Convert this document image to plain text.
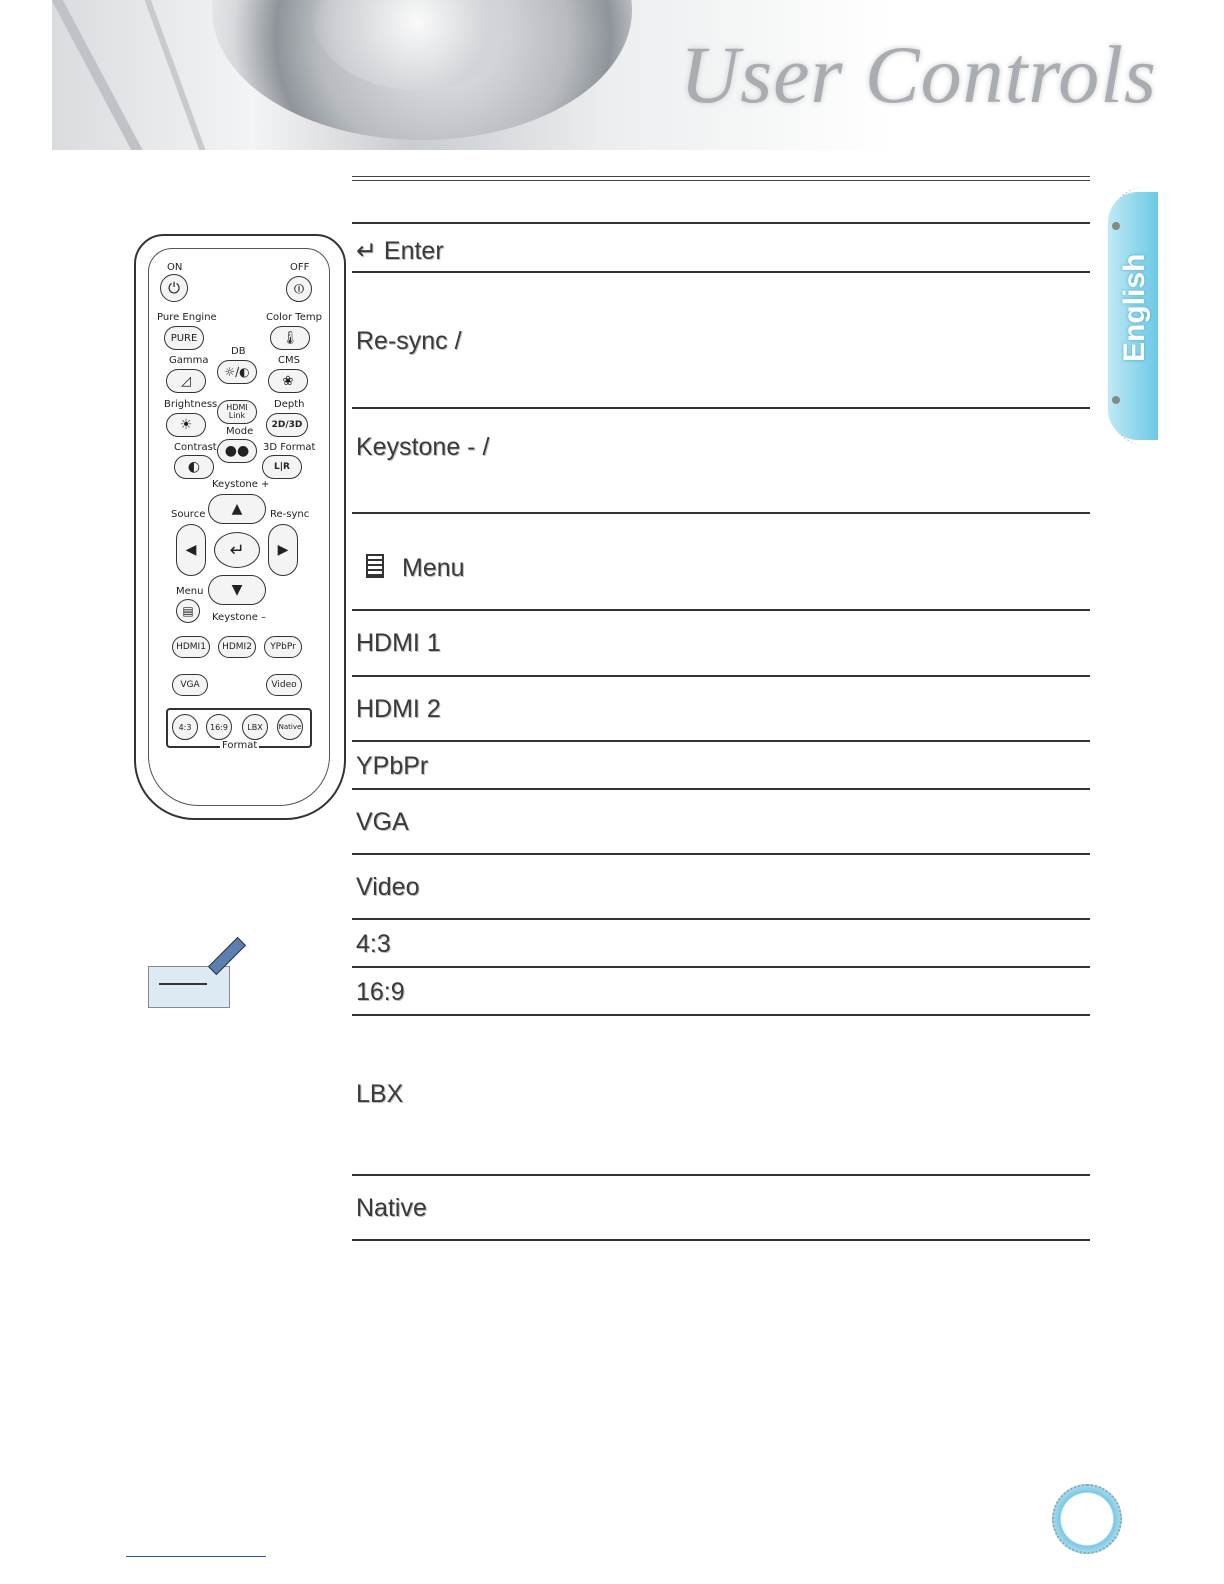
User Controls
English
ON	OFF
⏻	⏼
Pure Engine	Color Temp
PURE	🌡
DB
Gamma	CMS
☼/◐
◿	❀
Brightness	Depth
HDMI Link
☀	2D/3D
Mode
Contrast	3D Format
●●
◐	L|R
Keystone +
Source	Re-sync
▲
◀	↵	▶
▼
Menu
▤	Keystone –
HDMI1	HDMI2	YPbPr
VGA	Video
4:3	16:9	LBX	Native
Format
↵ Enter
Re-sync /
Keystone - /
Menu
HDMI 1
HDMI 2
YPbPr
VGA
Video
4:3
16:9
LBX
Native
